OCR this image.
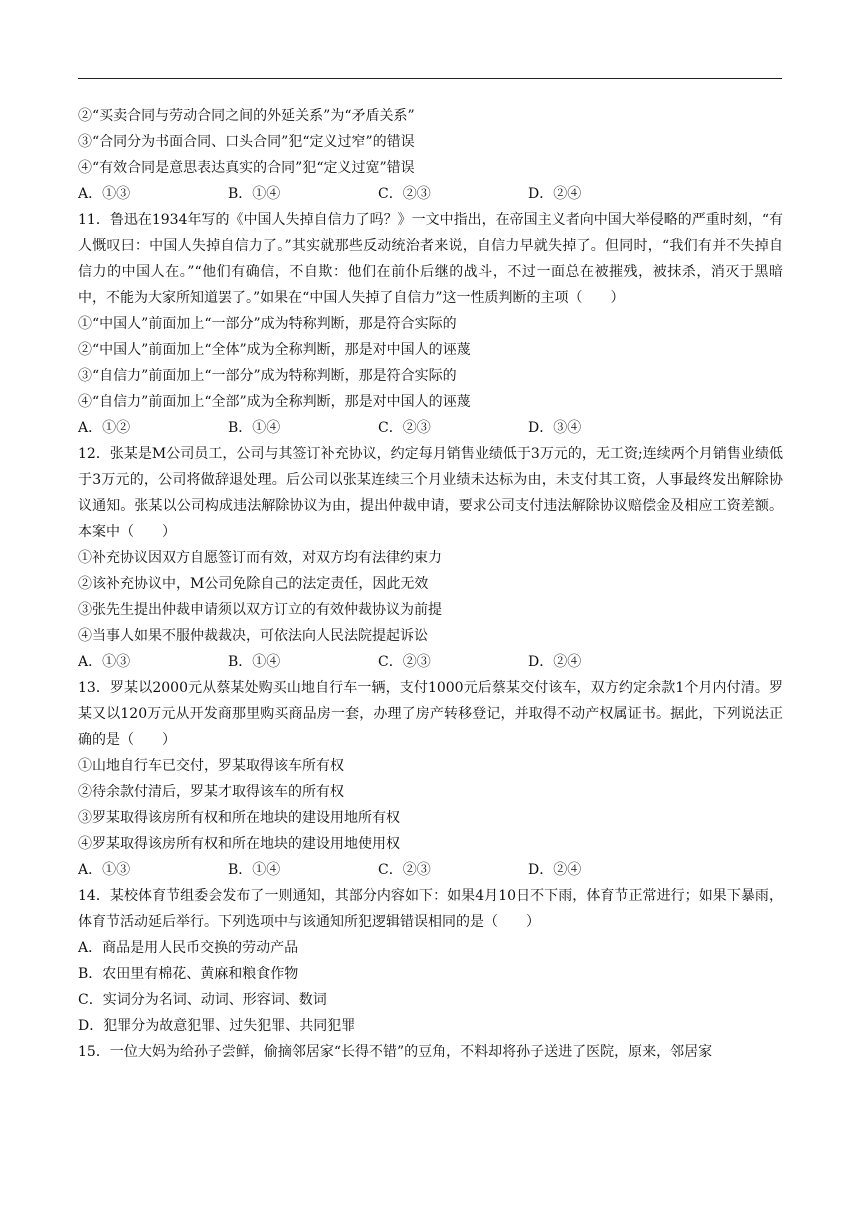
②“买卖合同与劳动合同之间的外延关系”为“矛盾关系”
③“合同分为书面合同、口头合同”犯“定义过窄”的错误
④“有效合同是意思表达真实的合同”犯“定义过宽”错误
A．①③	B．①④	C．②③	D．②④
11．鲁迅在1934年写的《中国人失掉自信力了吗？》一文中指出，在帝国主义者向中国大举侵略的严重时刻，“有人慨叹曰：中国人失掉自信力了。”其实就那些反动统治者来说，自信力早就失掉了。但同时，“我们有并不失掉自信力的中国人在。”“他们有确信，不自欺：他们在前仆后继的战斗，不过一面总在被摧残，被抹杀，消灭于黑暗中，不能为大家所知道罢了。”如果在“中国人失掉了自信力”这一性质判断的主项（　　）
①“中国人”前面加上“一部分”成为特称判断，那是符合实际的
②“中国人”前面加上“全体”成为全称判断，那是对中国人的诬蔑
③“自信力”前面加上“一部分”成为特称判断，那是符合实际的
④“自信力”前面加上“全部”成为全称判断，那是对中国人的诬蔑
A．①②	B．①④	C．②③	D．③④
12．张某是M公司员工，公司与其签订补充协议，约定每月销售业绩低于3万元的，无工资;连续两个月销售业绩低于3万元的，公司将做辞退处理。后公司以张某连续三个月业绩未达标为由，未支付其工资，人事最终发出解除协议通知。张某以公司构成违法解除协议为由，提出仲裁申请，要求公司支付违法解除协议赔偿金及相应工资差额。本案中（　　）
①补充协议因双方自愿签订而有效，对双方均有法律约束力
②该补充协议中，M公司免除自己的法定责任，因此无效
③张先生提出仲裁申请须以双方订立的有效仲裁协议为前提
④当事人如果不服仲裁裁决，可依法向人民法院提起诉讼
A．①③	B．①④	C．②③	D．②④
13．罗某以2000元从蔡某处购买山地自行车一辆，支付1000元后蔡某交付该车，双方约定余款1个月内付清。罗某又以120万元从开发商那里购买商品房一套，办理了房产转移登记，并取得不动产权属证书。据此，下列说法正确的是（　　）
①山地自行车已交付，罗某取得该车所有权
②待余款付清后，罗某才取得该车的所有权
③罗某取得该房所有权和所在地块的建设用地所有权
④罗某取得该房所有权和所在地块的建设用地使用权
A．①③	B．①④	C．②③	D．②④
14．某校体育节组委会发布了一则通知，其部分内容如下：如果4月10日不下雨，体育节正常进行；如果下暴雨，体育节活动延后举行。下列选项中与该通知所犯逻辑错误相同的是（　　）
A．商品是用人民币交换的劳动产品
B．农田里有棉花、黄麻和粮食作物
C．实词分为名词、动词、形容词、数词
D．犯罪分为故意犯罪、过失犯罪、共同犯罪
15．一位大妈为给孙子尝鲜，偷摘邻居家“长得不错”的豆角，不料却将孙子送进了医院，原来，邻居家
